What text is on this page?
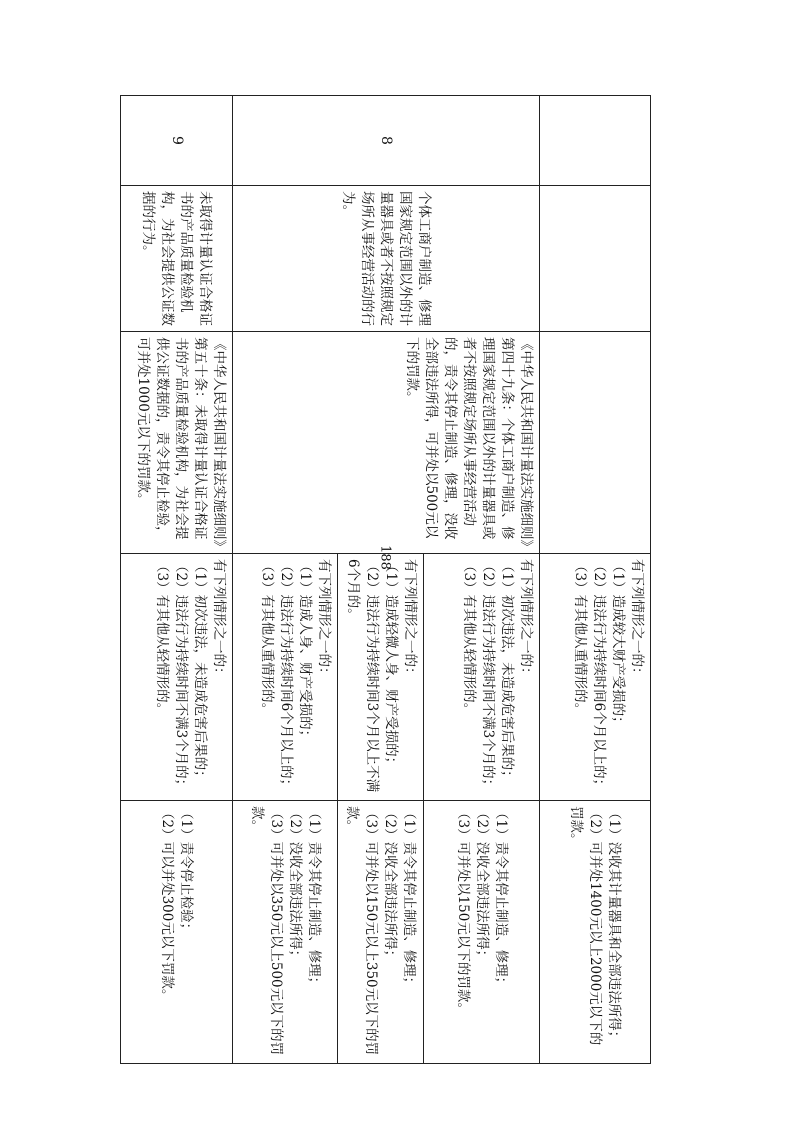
			有下列情形之一的：
（1）造成较大财产受损的；
（2）违法行为持续时间6个月以上的；
（3）有其他从重情形的。	（1）没收其计量器具和全部违法所得；
（2）可并处1400元以上2000元以下的罚款。

8	个体工商户制造、修理国家规定范围以外的计量器具或者不按照规定场所从事经营活动的行为。	《中华人民共和国计量法实施细则》第四十九条：个体工商户制造、修理国家规定范围以外的计量器具或者不按照规定场所从事经营活动的，责令其停止制造、修理，没收全部违法所得，可并处以500元以下的罚款。	有下列情形之一的：
（1）初次违法，未造成危害后果的；
（2）违法行为持续时间不满3个月的；
（3）有其他从轻情形的。	（1）责令其停止制造、修理；
（2）没收全部违法所得；
（3）可并处以150元以下的罚款。

			有下列情形之一的：
（1）造成轻微人身、财产受损的；
（2）违法行为持续时间3个月以上不满6个月的。	（1）责令其停止制造、修理；
（2）没收全部违法所得；
（3）可并处以150元以上350元以下的罚款。

			有下列情形之一的：
（1）造成人身、财产受损的；
（2）违法行为持续时间6个月以上的；
（3）有其他从重情形的。	（1）责令其停止制造、修理；
（2）没收全部违法所得；
（3）可并处以350元以上500元以下的罚款。

9	未取得计量认证合格证书的产品质量检验机构，为社会提供公证数据的行为。	《中华人民共和国计量法实施细则》第五十条：未取得计量认证合格证书的产品质量检验机构，为社会提供公证数据的，责令其停止检验，可并处1000元以下的罚款。	有下列情形之一的：
（1）初次违法，未造成危害后果的；
（2）违法行为持续时间不满3个月的；
（3）有其他从轻情形的。	（1）责令停止检验；
（2）可以并处300元以下罚款。
188
